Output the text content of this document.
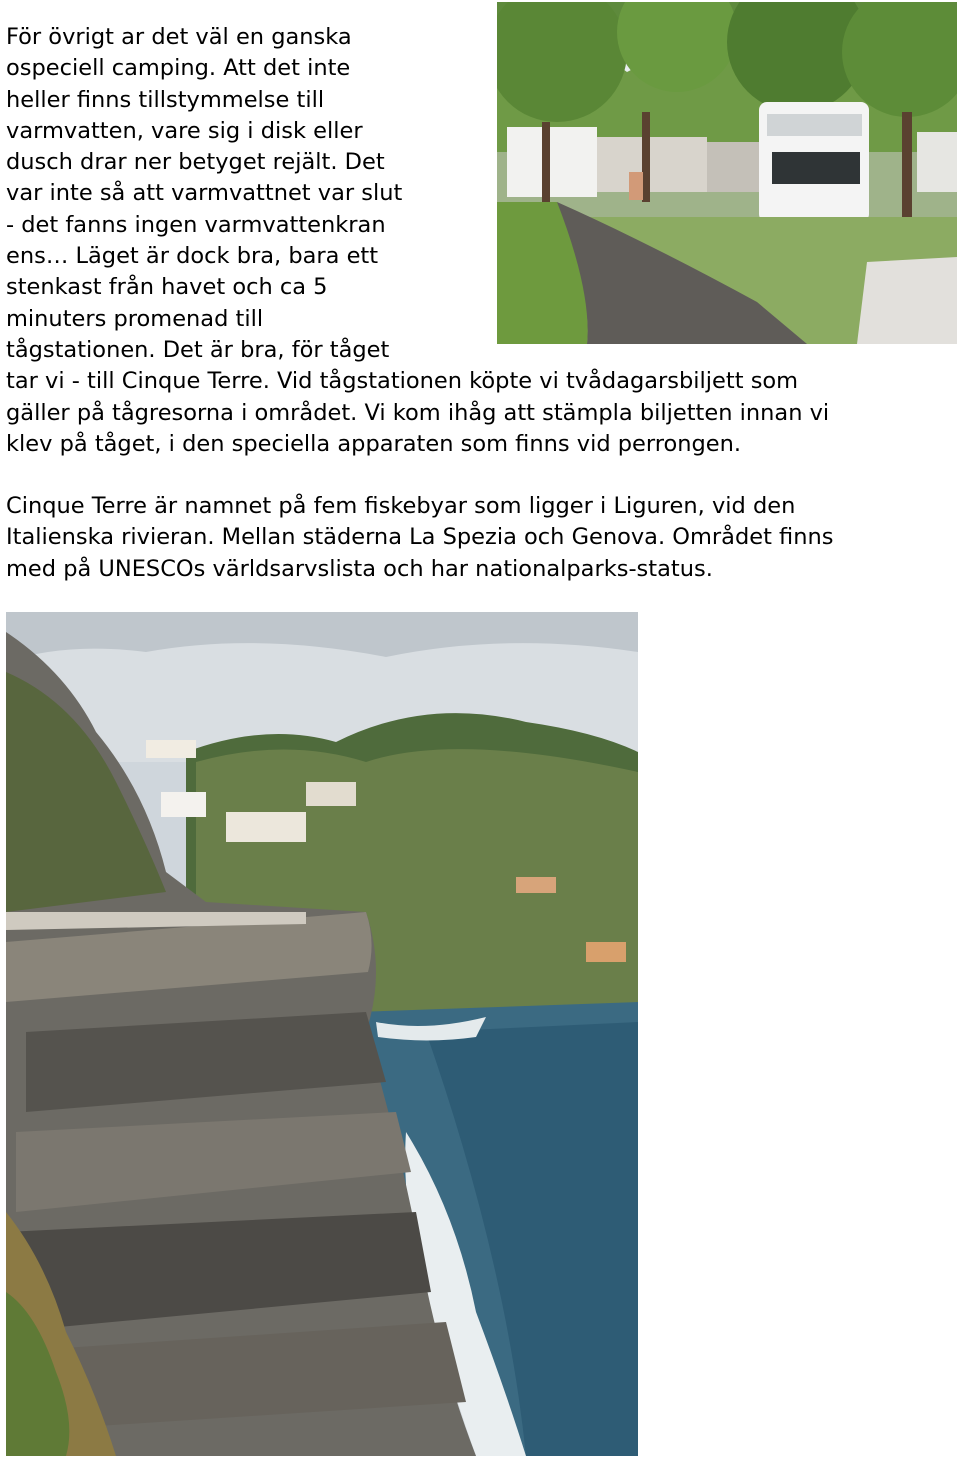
För övrigt ar det väl en ganska
ospeciell camping. Att det inte
heller finns tillstymmelse till
varmvatten, vare sig i disk eller
dusch drar ner betyget rejält. Det
var inte så att varmvattnet var slut
- det fanns ingen varmvattenkran
ens… Läget är dock bra, bara ett
stenkast från havet och ca 5
minuters promenad till
tågstationen. Det är bra, för tåget
tar vi - till Cinque Terre. Vid tågstationen köpte vi tvådagarsbiljett som
gäller på tågresorna i området. Vi kom ihåg att stämpla biljetten innan vi
klev på tåget, i den speciella apparaten som finns vid perrongen.

Cinque Terre är namnet på fem fiskebyar som ligger i Liguren, vid den
Italienska rivieran. Mellan städerna La Spezia och Genova. Området finns
med på UNESCOs världsarvslista och har nationalparks-status.
